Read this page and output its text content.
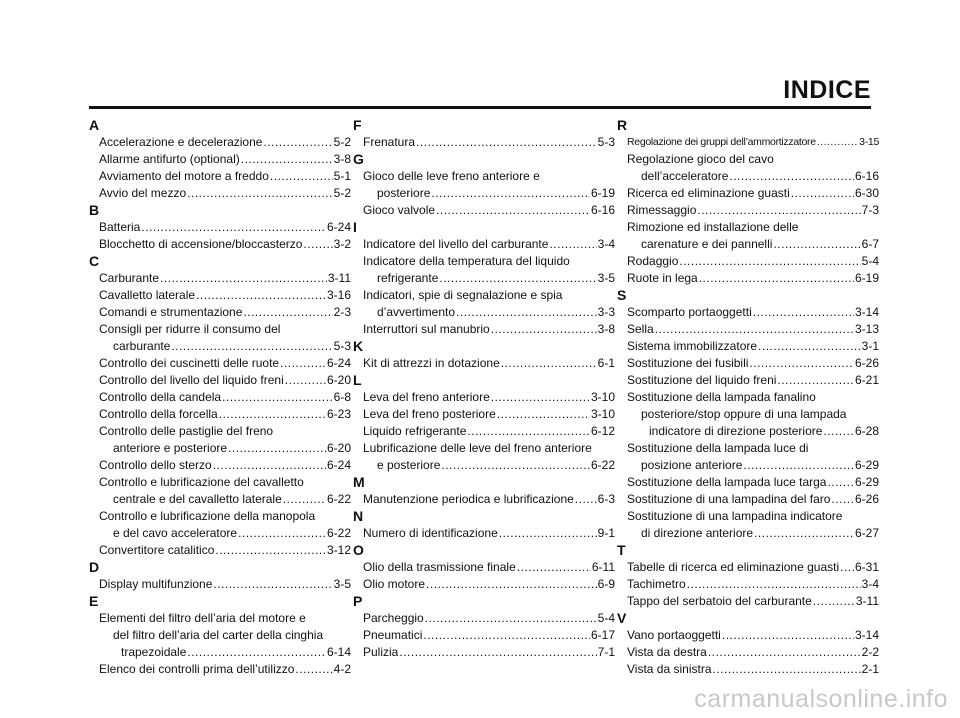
INDICE
A
Accelerazione e decelerazione .....	5-2
Allarme antifurto (optional) .....	3-8
Avviamento del motore a freddo .....	5-1
Avvio del mezzo .....	5-2
B
Batteria .....	6-24
Blocchetto di accensione/bloccasterzo .....	3-2
C
Carburante .....	3-11
Cavalletto laterale .....	3-16
Comandi e strumentazione .....	2-3
Consigli per ridurre il consumo del
carburante .....	5-3
Controllo dei cuscinetti delle ruote .....	6-24
Controllo del livello del liquido freni .....	6-20
Controllo della candela .....	6-8
Controllo della forcella .....	6-23
Controllo delle pastiglie del freno
anteriore e posteriore .....	6-20
Controllo dello sterzo .....	6-24
Controllo e lubrificazione del cavalletto
centrale e del cavalletto laterale .....	6-22
Controllo e lubrificazione della manopola
e del cavo acceleratore .....	6-22
Convertitore catalitico .....	3-12
D
Display multifunzione .....	3-5
E
Elementi del filtro dell’aria del motore e
del filtro dell’aria del carter della cinghia
trapezoidale .....	6-14
Elenco dei controlli prima dell’utilizzo .....	4-2
F
Frenatura .....	5-3
G
Gioco delle leve freno anteriore e
posteriore .....	6-19
Gioco valvole .....	6-16
I
Indicatore del livello del carburante .....	3-4
Indicatore della temperatura del liquido
refrigerante .....	3-5
Indicatori, spie di segnalazione e spia
d’avvertimento .....	3-3
Interruttori sul manubrio .....	3-8
K
Kit di attrezzi in dotazione .....	6-1
L
Leva del freno anteriore .....	3-10
Leva del freno posteriore .....	3-10
Liquido refrigerante .....	6-12
Lubrificazione delle leve del freno anteriore
e posteriore .....	6-22
M
Manutenzione periodica e lubrificazione ..... 6-3
N
Numero di identificazione .....	9-1
O
Olio della trasmissione finale .....	6-11
Olio motore .....	6-9
P
Parcheggio .....	5-4
Pneumatici .....	6-17
Pulizia .....	7-1
R
Regolazione dei gruppi dell’ammortizzatore .....	3-15
Regolazione gioco del cavo
dell’acceleratore .....	6-16
Ricerca ed eliminazione guasti .....	6-30
Rimessaggio .....	7-3
Rimozione ed installazione delle
carenature e dei pannelli .....	6-7
Rodaggio .....	5-4
Ruote in lega .....	6-19
S
Scomparto portaoggetti .....	3-14
Sella .....	3-13
Sistema immobilizzatore .....	3-1
Sostituzione dei fusibili .....	6-26
Sostituzione del liquido freni .....	6-21
Sostituzione della lampada fanalino
posteriore/stop oppure di una lampada
indicatore di direzione posteriore .....	6-28
Sostituzione della lampada luce di
posizione anteriore .....	6-29
Sostituzione della lampada luce targa ..... 6-29
Sostituzione di una lampadina del faro ..... 6-26
Sostituzione di una lampadina indicatore
di direzione anteriore .....	6-27
T
Tabelle di ricerca ed eliminazione guasti ..... 6-31
Tachimetro .....	3-4
Tappo del serbatoio del carburante .....	3-11
V
Vano portaoggetti .....	3-14
Vista da destra .....	2-2
Vista da sinistra .....	2-1
carmanualsonline.info
